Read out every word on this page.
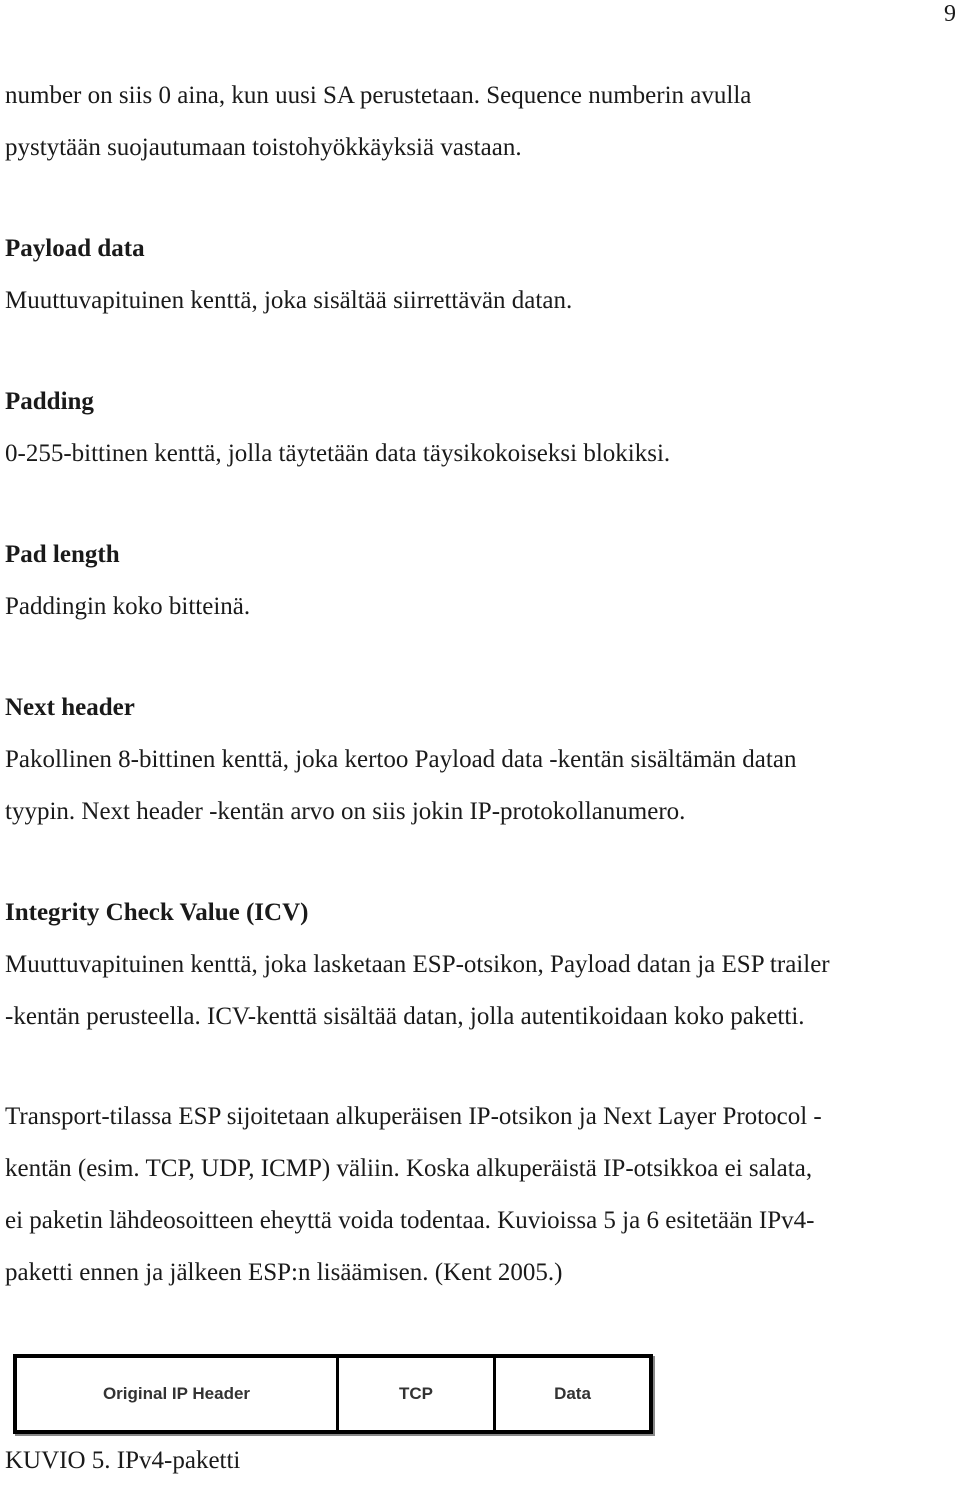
9

number on siis 0 aina, kun uusi SA perustetaan. Sequence numberin avulla

pystytään suojautumaan toistohyökkäyksiä vastaan.

Payload data

Muuttuvapituinen kenttä, joka sisältää siirrettävän datan.

Padding

0-255-bittinen kenttä, jolla täytetään data täysikokoiseksi blokiksi.

Pad length

Paddingin koko bitteinä.

Next header

Pakollinen 8-bittinen kenttä, joka kertoo Payload data -kentän sisältämän datan

tyypin. Next header -kentän arvo on siis jokin IP-protokollanumero.

Integrity Check Value (ICV)

Muuttuvapituinen kenttä, joka lasketaan ESP-otsikon, Payload datan ja ESP trailer

-kentän perusteella. ICV-kenttä sisältää datan, jolla autentikoidaan koko paketti.

Transport-tilassa ESP sijoitetaan alkuperäisen IP-otsikon ja Next Layer Protocol -

kentän (esim. TCP, UDP, ICMP) väliin. Koska alkuperäistä IP-otsikkoa ei salata,

ei paketin lähdeosoitteen eheyttä voida todentaa. Kuvioissa 5 ja 6 esitetään IPv4-

paketti ennen ja jälkeen ESP:n lisäämisen. (Kent 2005.)

Original IP Header	TCP	Data
KUVIO 5. IPv4-paketti
